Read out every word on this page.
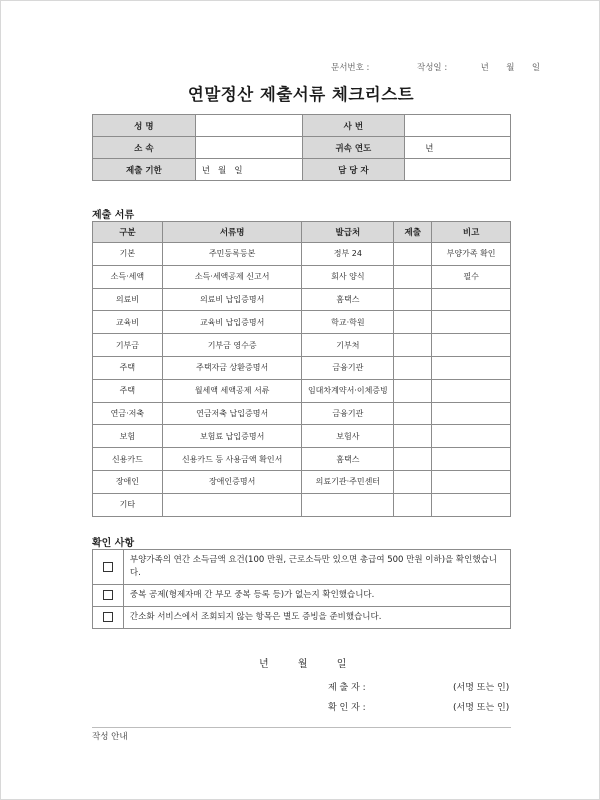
문서번호 :	작성일 :	년 월 일
연말정산 제출서류 체크리스트
성 명		사 번	
소 속		귀속 연도	년
제출 기한	년   월   일	담 당 자	
제출 서류
구분	서류명	발급처	제출	비고
기본	주민등록등본	정부 24		부양가족 확인
소득·세액	소득·세액공제 신고서	회사 양식		필수
의료비	의료비 납입증명서	홈택스		
교육비	교육비 납입증명서	학교·학원		
기부금	기부금 영수증	기부처		
주택	주택자금 상환증명서	금융기관		
주택	월세액 세액공제 서류	임대차계약서·이체증빙		
연금·저축	연금저축 납입증명서	금융기관		
보험	보험료 납입증명서	보험사		
신용카드	신용카드 등 사용금액 확인서	홈택스		
장애인	장애인증명서	의료기관·주민센터		
기타				
확인 사항
	부양가족의 연간 소득금액 요건(100 만원, 근로소득만 있으면 총급여 500 만원 이하)을 확인했습니다.
	중복 공제(형제자매 간 부모 중복 등록 등)가 없는지 확인했습니다.
	간소화 서비스에서 조회되지 않는 항목은 별도 증빙을 준비했습니다.
년	월	일
제 출 자 :	(서명 또는 인)
확 인 자 :	(서명 또는 인)
작성 안내
